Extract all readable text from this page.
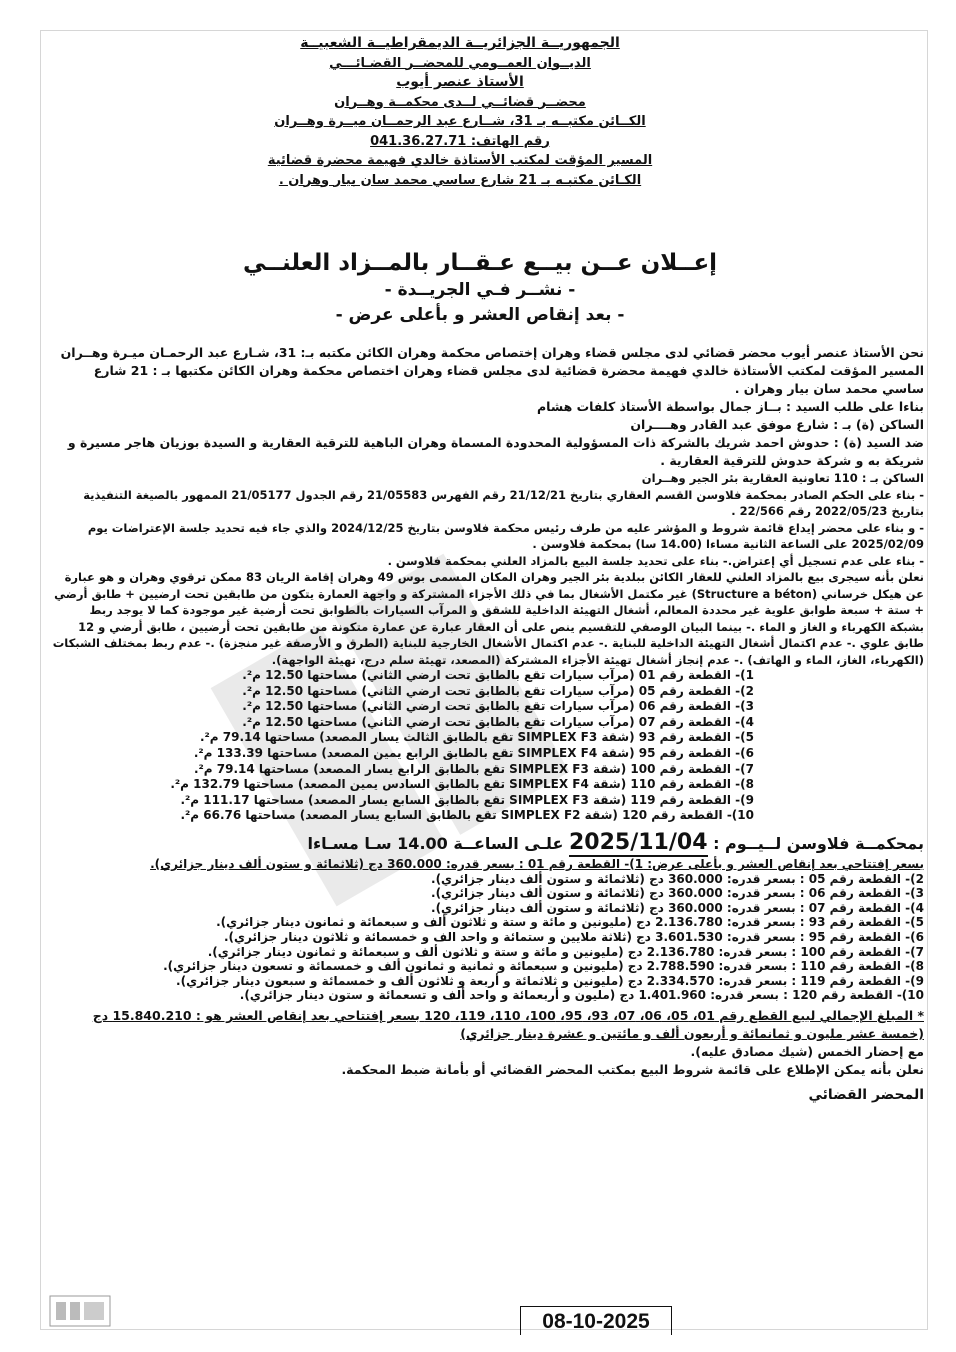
الجمهوريــة الجزائريــة الديمقراطيــة الشعبيــة
الديــوان العمــومي للمحضــر القضـائـــي
الأستاذ عنصر أيوب
محضــر قضائــي لــدى محكمــة وهــران
الكــائن مكتبــه بـ 31، شــارع عبد الرحمــان ميــرة وهــران
رقم الهاتف: 041.36.27.71
المسير المؤقت لمكتب الأستاذة خالدي فهيمة محضرة قضائية
الكـائن مكتبـه بـ 21 شارع ساسي محمد سان بيار وهران .
إعــلان عــن بيــع عـقــار بالمــزاد العلنــي
- نشــر فـي الجريــدة -
- بعد إنقاص العشر و بأعلى عرض -

نحن الأستاذ عنصر أيوب محضر قضائي لدى مجلس قضاء وهران إختصاص محكمة وهران الكائن مكتبه بـ: 31، شـارع عبد الرحمـان ميـرة وهــران المسير المؤقت لمكتب الأستاذة خالدي فهيمة محضرة قضائية لدى مجلس قضاء وهران اختصاص محكمة وهران الكائن مكتبها بـ : 21 شارع ساسي محمد سان بيار وهران .

بناءا على طلب السيد : بــاز جمال بواسطة الأستاذ كلفات هشام

الساكن (ة) بـ : شارع موفق عبد القادر وهــــران

ضد السيد (ة) : حدوش احمد شريك بالشركة ذات المسؤولية المحدودة المسماة وهران الباهية للترقية العقارية و السيدة بوزيان هاجر مسيرة و شريكة به و شركة حدوش للترقية العقارية .

الساكن بـ : 110 تعاونية العقارية بئر الجير وهــران

- بناء على الحكم الصادر بمحكمة فلاوسن القسم العقاري بتاريخ 21/12/21 رقم الفهرس 21/05583 رقم الجدول 21/05177 الممهور بالصيغة التنفيذية بتاريخ 2022/05/23 رقم 22/566 .

- و بناء على محضر إيداع قائمة شروط و المؤشر عليه من طرف رئيس محكمة فلاوسن بتاريخ 2024/12/25 والذي جاء فيه تحديد جلسة الإعتراضات يوم 2025/02/09 على الساعة الثانية مساءا (14.00 سا) بمحكمة فلاوسن .

- بناء على عدم تسجيل أي إعتراض.- بناء على تحديد جلسة البيع بالمزاد العلني بمحكمة فلاوسن .

نعلن بأنه سيجرى بيع بالمزاد العلني للعقار الكائن ببلدية بئر الجير وهران المكان المسمى بوس 49 وهران إقامة الريان 83 ممكن ترقوي وهران و هو عبارة عن هيكل خرساني (Structure a béton) غير مكتمل الأشغال بما في ذلك الأجزاء المشتركة و واجهة العمارة يتكون من طابقين تحت ارضيين + طابق أرضي + ستة + سبعة طوابق علوية غير محددة المعالم، أشغال التهيئة الداخلية للشقق و المرآب السيارات بالطوابق تحت أرضية غير موجودة كما لا يوجد ربط بشبكة الكهرباء و الغاز و الماء .- بينما البيان الوصفي للتقسيم ينص على أن العقار عبارة عن عمارة متكونة من طابقين تحت أرضيين ، طابق أرضي و 12 طابق علوي .- عدم اكتمال أشغال التهيئة الداخلية للبناية .- عدم اكتمال الأشغال الخارجية للبناية (الطرق و الأرصفة غير منجزة) .- عدم ربط بمختلف الشبكات (الكهرباء، الغاز، الماء و الهاتف) .- عدم إنجاز أشغال تهيئة الأجزاء المشتركة (المصعد، تهيئة سلم درج، تهيئة الواجهة).

1)- القطعة رقم 01 (مرآب سيارات تقع بالطابق تحت ارضي الثاني) مساحتها 12.50 م².

2)- القطعة رقم 05 (مرآب سيارات تقع بالطابق تحت ارضي الثاني) مساحتها 12.50 م².

3)- القطعة رقم 06 (مرآب سيارات تقع بالطابق تحت ارضي الثاني) مساحتها 12.50 م².

4)- القطعة رقم 07 (مرآب سيارات تقع بالطابق تحت ارضي الثاني) مساحتها 12.50 م².

5)- القطعة رقم 93 (شقة SIMPLEX F3 تقع بالطابق الثالث يسار المصعد) مساحتها 79.14 م².

6)- القطعة رقم 95 (شقة SIMPLEX F4 تقع بالطابق الرابع يمين المصعد) مساحتها 133.39 م².

7)- القطعة رقم 100 (شقة SIMPLEX F3 تقع بالطابق الرابع يسار المصعد) مساحتها 79.14 م².

8)- القطعة رقم 110 (شقة SIMPLEX F4 تقع بالطابق السادس يمين المصعد) مساحتها 132.79 م².

9)- القطعة رقم 119 (شقة SIMPLEX F3 تقع بالطابق السابع يسار المصعد) مساحتها 111.17 م².

10)- القطعة رقم 120 (شقة SIMPLEX F2 تقع بالطابق السابع يسار المصعد) مساحتها 66.76 م².

بمحكمــة فلاوسن لــيــوم : 2025/11/04 علـى الساعــة 14.00 سـا مسـاءا

بسعر إفتتاحي بعد إنقاص العشر و بأعلى عرض: 1)- القطعة رقم 01 : بسعر قدره: 360.000 دج (ثلاثمائة و ستون ألف دينار جزائري).

2)- القطعة رقم 05 : بسعر قدره: 360.000 دج (ثلاثمائة و ستون ألف دينار جزائري).

3)- القطعة رقم 06 : بسعر قدره: 360.000 دج (ثلاثمائة و ستون ألف دينار جزائري).

4)- القطعة رقم 07 : بسعر قدره: 360.000 دج (ثلاثمائة و ستون ألف دينار جزائري).

5)- القطعة رقم 93 : بسعر قدره: 2.136.780 دج (مليونين و مائة و ستة و ثلاثون ألف و سبعمائة و ثمانون دينار جزائري).

6)- القطعة رقم 95 : بسعر قدره: 3.601.530 دج (ثلاثة ملايين و ستمائة و واحد الف و خمسمائة و ثلاثون دينار جزائري).

7)- القطعة رقم 100 : بسعر قدره: 2.136.780 دج (مليونين و مائة و ستة و ثلاثون ألف و سبعمائة و ثمانون دينار جزائري).

8)- القطعة رقم 110 : بسعر قدره: 2.788.590 دج (مليونين و سبعمائة و ثمانية و ثمانون ألف و خمسمائة و تسعون دينار جزائري).

9)- القطعة رقم 119 : بسعر قدره: 2.334.570 دج (مليونين و ثلاثمائة و أربعة و ثلاثون ألف و خمسمائة و سبعون دينار جزائري).

10)- القطعة رقم 120 : بسعر قدره: 1.401.960 دج (مليون و أربعمائة و واحد ألف و تسعمائة و ستون دينار جزائري).

* المبلغ الإجمالي لبيع القطع رقم 01، 05، 06، 07، 93، 95، 100، 110، 119، 120 بسعر إفتتاحي بعد إنقاص العشر هو : 15.840.210 دج (خمسة عشر مليون و ثمانمائة و أربعون ألف و مائتين و عشرة دينار جزائري)

مع إحضار الخمس (شيك مصادق عليه).

نعلن بأنه يمكن الإطلاع على قائمة شروط البيع بمكتب المحضر القضائي أو بأمانة ضبط المحكمة.

المحضر القضائي
08-10-2025
